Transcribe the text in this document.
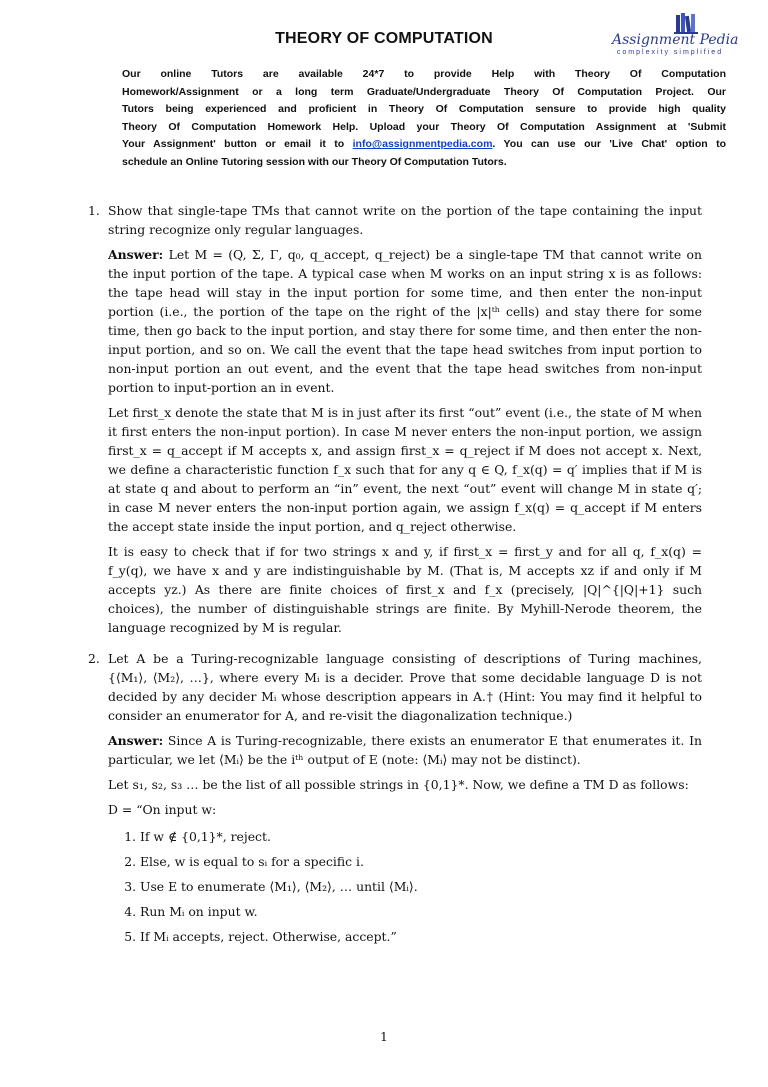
THEORY OF COMPUTATION	Assignment Pedia
complexity simplified
Our online Tutors are available 24*7 to provide Help with Theory Of Computation
Homework/Assignment or a long term Graduate/Undergraduate Theory Of Computation Project. Our
Tutors being experienced and proficient in Theory Of Computation sensure to provide high quality
Theory Of Computation Homework Help. Upload your Theory Of Computation Assignment at 'Submit
Your Assignment' button or email it to info@assignmentpedia.com. You can use our 'Live Chat' option to
schedule an Online Tutoring session with our Theory Of Computation Tutors.
1. Show that single-tape TMs that cannot write on the portion of the tape containing the input string recognize only regular languages.

Answer: Let M = (Q, Σ, Γ, q₀, q_accept, q_reject) be a single-tape TM that cannot write on the input portion of the tape. A typical case when M works on an input string x is as follows: the tape head will stay in the input portion for some time, and then enter the non-input portion (i.e., the portion of the tape on the right of the |x|ᵗʰ cells) and stay there for some time, then go back to the input portion, and stay there for some time, and then enter the non-input portion, and so on. We call the event that the tape head switches from input portion to non-input portion an out event, and the event that the tape head switches from non-input portion to input-portion an in event.

Let first_x denote the state that M is in just after its first “out” event (i.e., the state of M when it first enters the non-input portion). In case M never enters the non-input portion, we assign first_x = q_accept if M accepts x, and assign first_x = q_reject if M does not accept x. Next, we define a characteristic function f_x such that for any q ∈ Q, f_x(q) = q′ implies that if M is at state q and about to perform an “in” event, the next “out” event will change M in state q′; in case M never enters the non-input portion again, we assign f_x(q) = q_accept if M enters the accept state inside the input portion, and q_reject otherwise.

It is easy to check that if for two strings x and y, if first_x = first_y and for all q, f_x(q) = f_y(q), we have x and y are indistinguishable by M. (That is, M accepts xz if and only if M accepts yz.) As there are finite choices of first_x and f_x (precisely, |Q|^{|Q|+1} such choices), the number of distinguishable strings are finite. By Myhill-Nerode theorem, the language recognized by M is regular.

2. Let A be a Turing-recognizable language consisting of descriptions of Turing machines, {⟨M₁⟩, ⟨M₂⟩, …}, where every Mᵢ is a decider. Prove that some decidable language D is not decided by any decider Mᵢ whose description appears in A.† (Hint: You may find it helpful to consider an enumerator for A, and re-visit the diagonalization technique.)

Answer: Since A is Turing-recognizable, there exists an enumerator E that enumerates it. In particular, we let ⟨Mᵢ⟩ be the iᵗʰ output of E (note: ⟨Mᵢ⟩ may not be distinct).

Let s₁, s₂, s₃ … be the list of all possible strings in {0,1}*. Now, we define a TM D as follows:

D = “On input w:

1. If w ∉ {0,1}*, reject.
2. Else, w is equal to sᵢ for a specific i.
3. Use E to enumerate ⟨M₁⟩, ⟨M₂⟩, … until ⟨Mᵢ⟩.
4. Run Mᵢ on input w.
5. If Mᵢ accepts, reject. Otherwise, accept.”
1
